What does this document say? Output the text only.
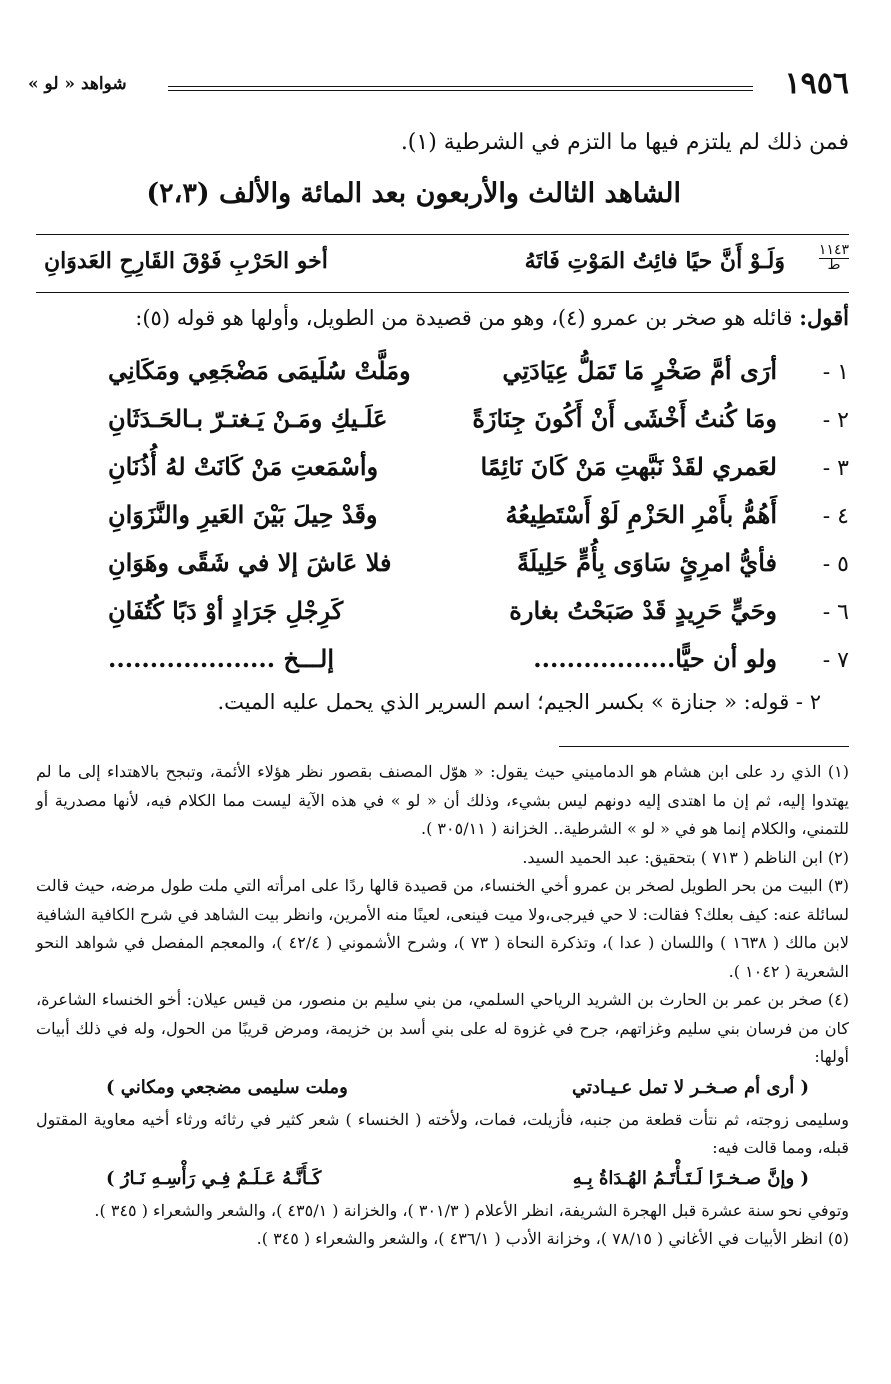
١٩٥٦
شواهد « لو »
فمن ذلك لم يلتزم فيها ما التزم في الشرطية (١).
الشاهد الثالث والأربعون بعد المائة والألف (٢،٣)
١١٤٣
ط
وَلَـوْ أَنَّ حيًا فائِتُ المَوْتِ فَاتَهُ
أخو الحَرْبِ فَوْقَ القَارِحِ العَدوَانِ
أقول: قائله هو صخر بن عمرو (٤)، وهو من قصيدة من الطويل، وأولها هو قوله (٥):
١ -
أرَى أمَّ صَخْرٍ مَا تَمَلُّ عِيَادَتِي
ومَلَّتْ سُلَيمَى مَضْجَعِي ومَكَانِي
٢ -
ومَا كُنتُ أَخْشَى أَنْ أَكُونَ جِنَازَةً
عَلَـيكِ ومَـنْ يَـغتـرّ بـالحَـدَثَانِ
٣ -
لعَمري لقَدْ نَبَّهتِ مَنْ كَانَ نَائِمًا
وأسْمَعتِ مَنْ كَانَتْ لهُ أُذُنَانِ
٤ -
أَهُمُّ بأَمْرِ الحَزْمِ لَوْ أَسْتَطِيعُهُ
وقَدْ حِيلَ بَيْنَ العَيرِ والنَّزَوَانِ
٥ -
فأيُّ امرِئٍ سَاوَى بِأُمٍّ حَلِيلَةً
فلا عَاشَ إلا في شَقًى وهَوَانِ
٦ -
وحَيٍّ حَرِيدٍ قَدْ صَبَحْتُ بغارة
كَرِجْلِ جَرَادٍ أوْ دَبًا كُتُفَانِ
٧ -
ولو أن حيًّا.................
إلـــخ ....................
٢ - قوله: « جنازة » بكسر الجيم؛ اسم السرير الذي يحمل عليه الميت.
(١) الذي رد على ابن هشام هو الدماميني حيث يقول: « هوّل المصنف بقصور نظر هؤلاء الأئمة، وتبجح بالاهتداء إلى ما لم يهتدوا إليه، ثم إن ما اهتدى إليه دونهم ليس بشيء، وذلك أن « لو » في هذه الآية ليست مما الكلام فيه، لأنها مصدرية أو للتمني، والكلام إنما هو في « لو » الشرطية.. الخزانة ( ٣٠٥/١١ ).
(٢) ابن الناظم ( ٧١٣ ) بتحقيق: عبد الحميد السيد.
(٣) البيت من بحر الطويل لصخر بن عمرو أخي الخنساء، من قصيدة قالها ردًا على امرأته التي ملت طول مرضه، حيث قالت لسائلة عنه: كيف بعلك؟ فقالت: لا حي فيرجى،ولا ميت فينعى، لعينًا منه الأمرين، وانظر بيت الشاهد في شرح الكافية الشافية لابن مالك ( ١٦٣٨ ) واللسان ( عدا )، وتذكرة النحاة ( ٧٣ )، وشرح الأشموني ( ٤٢/٤ )، والمعجم المفصل في شواهد النحو الشعرية ( ١٠٤٢ ).
(٤) صخر بن عمر بن الحارث بن الشريد الرياحي السلمي، من بني سليم بن منصور، من قيس عيلان: أخو الخنساء الشاعرة، كان من فرسان بني سليم وغزاتهم، جرح في غزوة له على بني أسد بن خزيمة، ومرض قريبًا من الحول، وله في ذلك أبيات أولها:
( أرى أم صـخـر لا تمل عـيـادتي
وملت سليمى مضجعي ومكاني )
وسليمى زوجته، ثم نتأت قطعة من جنبه، فأزيلت، فمات، ولأخته ( الخنساء ) شعر كثير في رثائه ورثاء أخيه معاوية المقتول قبله، ومما قالت فيه:
( وإنَّ صـخـرًا لَـتَـأْتَـمُ الهُـدَاةُ بِـهِ
كَـأَنَّـهُ عَـلَـمٌ فِـي رَأْسِـهِ نَـارُ )
وتوفي نحو سنة عشرة قبل الهجرة الشريفة، انظر الأعلام ( ٣٠١/٣ )، والخزانة ( ٤٣٥/١ )، والشعر والشعراء ( ٣٤٥ ).
(٥) انظر الأبيات في الأغاني ( ٧٨/١٥ )، وخزانة الأدب ( ٤٣٦/١ )، والشعر والشعراء ( ٣٤٥ ).
